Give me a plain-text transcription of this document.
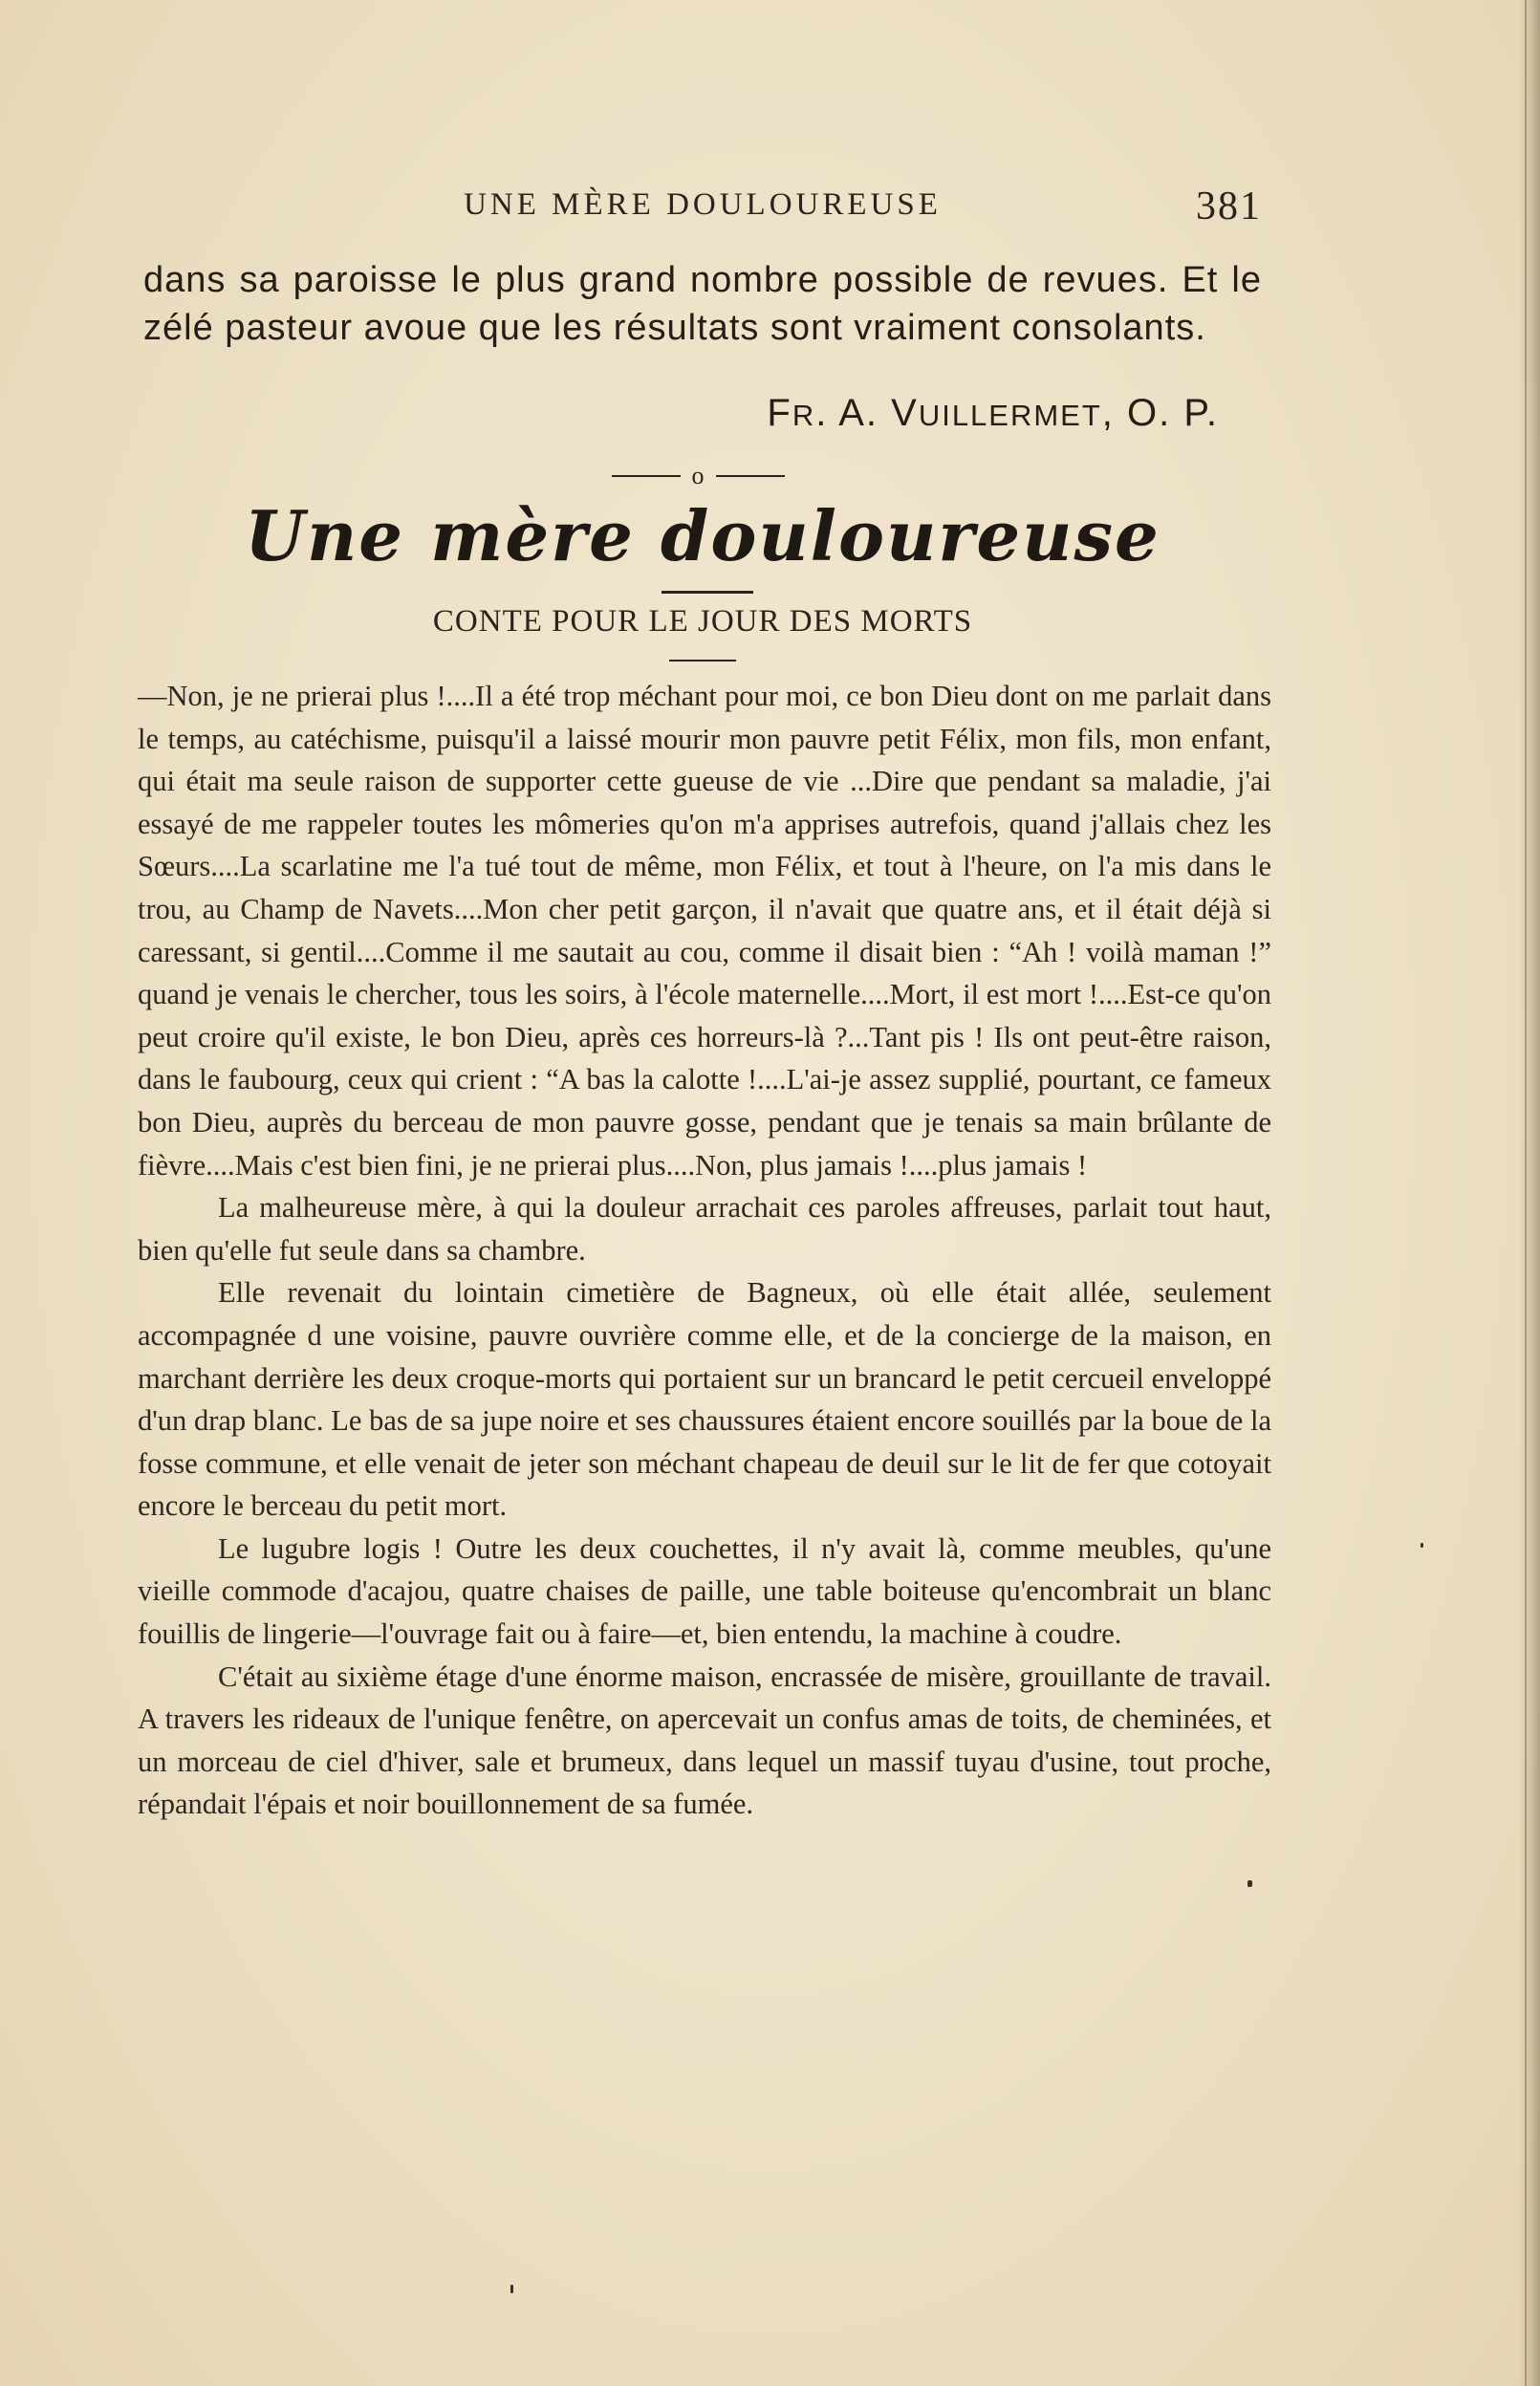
UNE MÈRE DOULOUREUSE	381
dans sa paroisse le plus grand nombre possible de revues. Et le zélé pasteur avoue que les résultats sont vraiment consolants.
FR. A. VUILLERMET, O. P.
o
Une mère douloureuse
CONTE POUR LE JOUR DES MORTS

—Non, je ne prierai plus !....Il a été trop méchant pour moi, ce bon Dieu dont on me parlait dans le temps, au catéchisme, puisqu'il a laissé mourir mon pauvre petit Félix, mon fils, mon enfant, qui était ma seule raison de supporter cette gueuse de vie ...Dire que pendant sa maladie, j'ai essayé de me rappeler toutes les mômeries qu'on m'a apprises autrefois, quand j'allais chez les Sœurs....La scarlatine me l'a tué tout de même, mon Félix, et tout à l'heure, on l'a mis dans le trou, au Champ de Navets....Mon cher petit garçon, il n'avait que quatre ans, et il était déjà si caressant, si gentil....Comme il me sautait au cou, comme il disait bien : “Ah ! voilà maman !” quand je venais le chercher, tous les soirs, à l'école maternelle....Mort, il est mort !....Est-ce qu'on peut croire qu'il existe, le bon Dieu, après ces horreurs-là ?...Tant pis ! Ils ont peut-être raison, dans le faubourg, ceux qui crient : “A bas la calotte !....L'ai-je assez supplié, pourtant, ce fameux bon Dieu, auprès du berceau de mon pauvre gosse, pendant que je tenais sa main brûlante de fièvre....Mais c'est bien fini, je ne prierai plus....Non, plus jamais !....plus jamais !

La malheureuse mère, à qui la douleur arrachait ces paroles affreuses, parlait tout haut, bien qu'elle fut seule dans sa chambre.

Elle revenait du lointain cimetière de Bagneux, où elle était allée, seulement accompagnée d une voisine, pauvre ouvrière comme elle, et de la concierge de la maison, en marchant derrière les deux croque-morts qui portaient sur un brancard le petit cercueil enveloppé d'un drap blanc. Le bas de sa jupe noire et ses chaussures étaient encore souillés par la boue de la fosse commune, et elle venait de jeter son méchant chapeau de deuil sur le lit de fer que cotoyait encore le berceau du petit mort.

Le lugubre logis ! Outre les deux couchettes, il n'y avait là, comme meubles, qu'une vieille commode d'acajou, quatre chaises de paille, une table boiteuse qu'encombrait un blanc fouillis de lingerie—l'ouvrage fait ou à faire—et, bien entendu, la machine à coudre.

C'était au sixième étage d'une énorme maison, encrassée de misère, grouillante de travail. A travers les rideaux de l'unique fenêtre, on apercevait un confus amas de toits, de cheminées, et un morceau de ciel d'hiver, sale et brumeux, dans lequel un massif tuyau d'usine, tout proche, répandait l'épais et noir bouillonnement de sa fumée.
